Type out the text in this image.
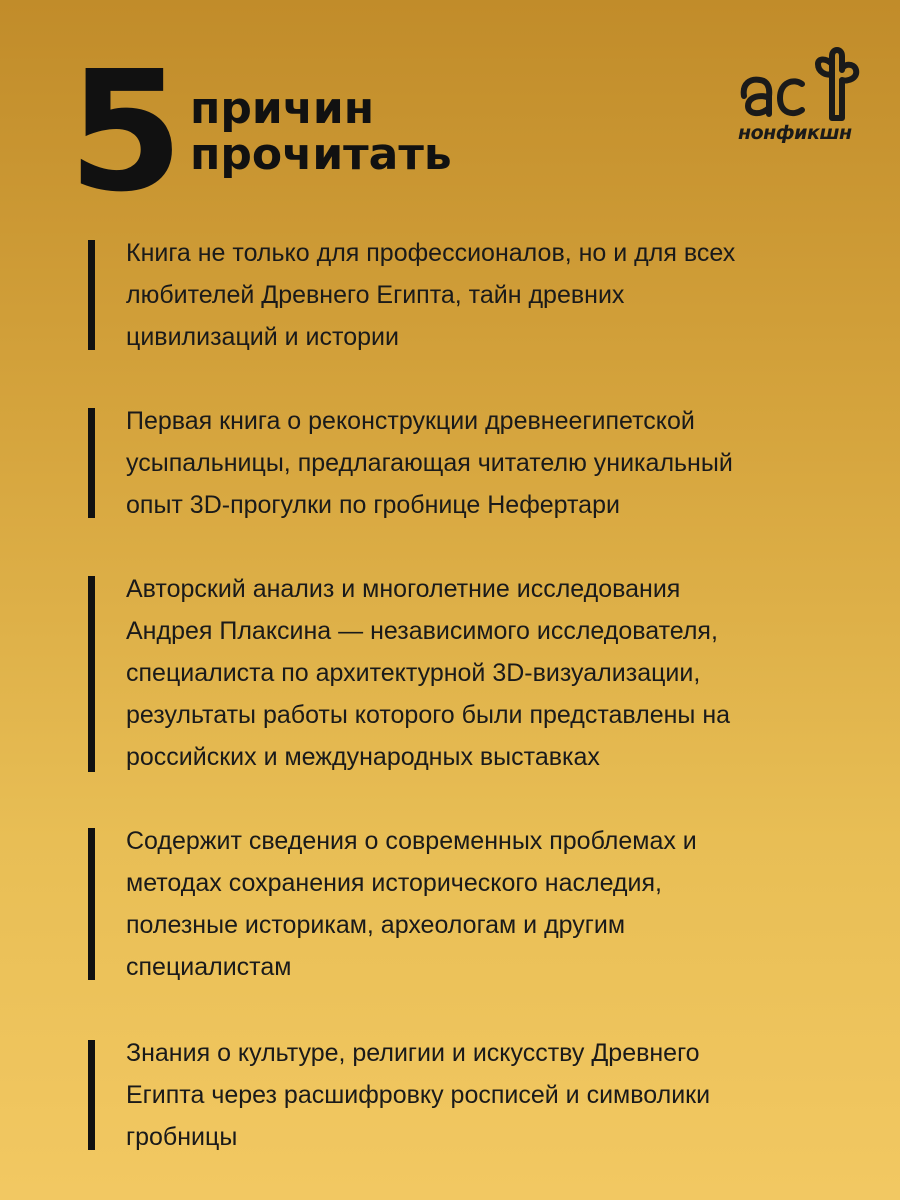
5 причин
прочитать	нонфикшн
Книга не только для профессионалов, но и для всех
любителей Древнего Египта, тайн древних
цивилизаций и истории
Первая книга о реконструкции древнеегипетской
усыпальницы, предлагающая читателю уникальный
опыт 3D-прогулки по гробнице Нефертари
Авторский анализ и многолетние исследования
Андрея Плаксина — независимого исследователя,
специалиста по архитектурной 3D-визуализации,
результаты работы которого были представлены на
российских и международных выставках
Содержит сведения о современных проблемах и
методах сохранения исторического наследия,
полезные историкам, археологам и другим
специалистам
Знания о культуре, религии и искусству Древнего
Египта через расшифровку росписей и символики
гробницы
